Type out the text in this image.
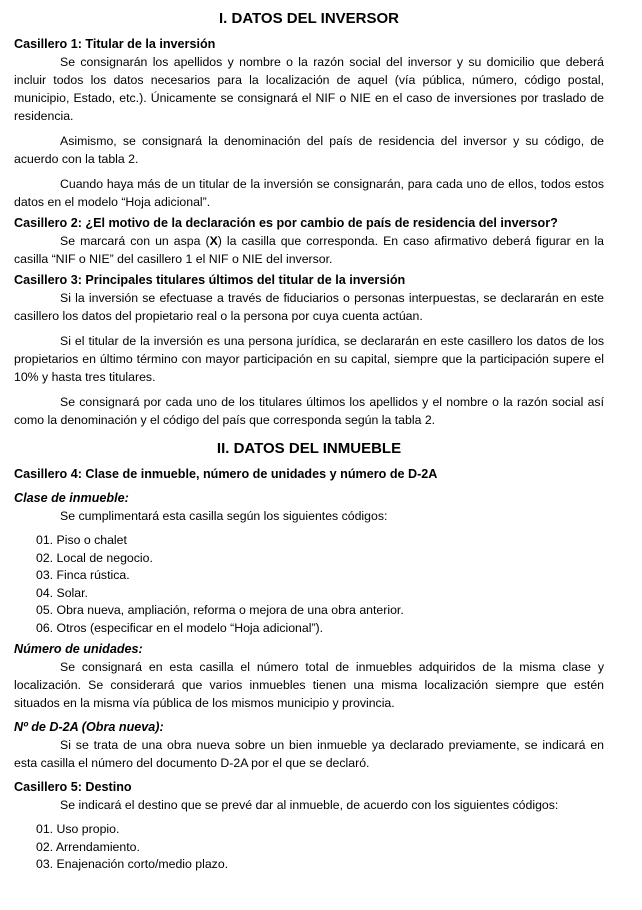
I. DATOS DEL INVERSOR
Casillero 1: Titular de la inversión

Se consignarán los apellidos y nombre o la razón social del inversor y su domicilio que deberá incluir todos los datos necesarios para la localización de aquel (vía pública, número, código postal, municipio, Estado, etc.). Únicamente se consignará el NIF o NIE en el caso de inversiones por traslado de residencia.

Asimismo, se consignará la denominación del país de residencia del inversor y su código, de acuerdo con la tabla 2.

Cuando haya más de un titular de la inversión se consignarán, para cada uno de ellos, todos estos datos en el modelo “Hoja adicional”.

Casillero 2: ¿El motivo de la declaración es por cambio de país de residencia del inversor?

Se marcará con un aspa (X) la casilla que corresponda. En caso afirmativo deberá figurar en la casilla “NIF o NIE” del casillero 1 el NIF o NIE del inversor.

Casillero 3: Principales titulares últimos del titular de la inversión

Si la inversión se efectuase a través de fiduciarios o personas interpuestas, se declararán en este casillero los datos del propietario real o la persona por cuya cuenta actúan.

Si el titular de la inversión es una persona jurídica, se declararán en este casillero los datos de los propietarios en último término con mayor participación en su capital, siempre que la participación supere el 10% y hasta tres titulares.

Se consignará por cada uno de los titulares últimos los apellidos y el nombre o la razón social así como la denominación y el código del país que corresponda según la tabla 2.

II. DATOS DEL INMUEBLE
Casillero 4: Clase de inmueble, número de unidades y número de D-2A
Clase de inmueble:

Se cumplimentará esta casilla según los siguientes códigos:

01. Piso o chalet
02. Local de negocio.
03. Finca rústica.
04. Solar.
05. Obra nueva, ampliación, reforma o mejora de una obra anterior.
06. Otros (especificar en el modelo “Hoja adicional”).
Número de unidades:

Se consignará en esta casilla el número total de inmuebles adquiridos de la misma clase y localización. Se considerará que varios inmuebles tienen una misma localización siempre que estén situados en la misma vía pública de los mismos municipio y provincia.

Nº de D-2A (Obra nueva):

Si se trata de una obra nueva sobre un bien inmueble ya declarado previamente, se indicará en esta casilla el número del documento D-2A por el que se declaró.

Casillero 5: Destino

Se indicará el destino que se prevé dar al inmueble, de acuerdo con los siguientes códigos:

01. Uso propio.
02. Arrendamiento.
03. Enajenación corto/medio plazo.
